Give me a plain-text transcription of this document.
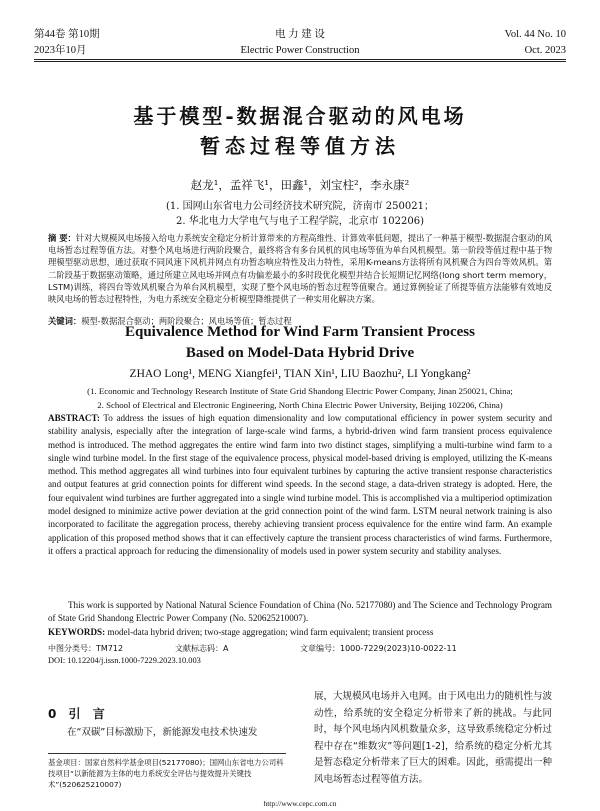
第44卷 第10期	电 力 建 设	Vol. 44 No. 10
2023年10月	Electric Power Construction	Oct. 2023
基于模型-数据混合驱动的风电场
暂态过程等值方法
赵龙¹，孟祥飞¹，田鑫¹，刘宝柱²，李永康²
(1. 国网山东省电力公司经济技术研究院，济南市 250021；
2. 华北电力大学电气与电子工程学院，北京市 102206)
摘 要：针对大规模风电场接入给电力系统安全稳定分析计算带来的方程高维性、计算效率低问题，提出了一种基于模型-数据混合驱动的风电场暂态过程等值方法。对整个风电场进行两阶段聚合，最终将含有多台风机的风电场等值为单台风机模型。第一阶段等值过程中基于物理模型驱动思想，通过获取不同风速下风机并网点有功暂态响应特性及出力特性，采用K-means方法将所有风机聚合为四台等效风机。第二阶段基于数据驱动策略，通过所建立风电场并网点有功偏差最小的多时段优化模型并结合长短期记忆网络(long short term memory，LSTM)训练，将四台等效风机聚合为单台风机模型，实现了整个风电场的暂态过程等值聚合。通过算例验证了所提等值方法能够有效地反映风电场的暂态过程特性，为电力系统安全稳定分析模型降维提供了一种实用化解决方案。
关键词：模型-数据混合驱动；两阶段聚合；风电场等值；暂态过程
Equivalence Method for Wind Farm Transient Process
Based on Model-Data Hybrid Drive
ZHAO Long¹, MENG Xiangfei¹, TIAN Xin¹, LIU Baozhu², LI Yongkang²
(1. Economic and Technology Research Institute of State Grid Shandong Electric Power Company, Jinan 250021, China;
2. School of Electrical and Electronic Engineering, North China Electric Power University, Beijing 102206, China)
ABSTRACT: To address the issues of high equation dimensionality and low computational efficiency in power system security and stability analysis, especially after the integration of large-scale wind farms, a hybrid-driven wind farm transient process equivalence method is introduced. The method aggregates the entire wind farm into two distinct stages, simplifying a multi-turbine wind farm to a single wind turbine model. In the first stage of the equivalence process, physical model-based driving is employed, utilizing the K-means method. This method aggregates all wind turbines into four equivalent turbines by capturing the active transient response characteristics and output features at grid connection points for different wind speeds. In the second stage, a data-driven strategy is adopted. Here, the four equivalent wind turbines are further aggregated into a single wind turbine model. This is accomplished via a multiperiod optimization model designed to minimize active power deviation at the grid connection point of the wind farm. LSTM neural network training is also incorporated to facilitate the aggregation process, thereby achieving transient process equivalence for the entire wind farm. An example application of this proposed method shows that it can effectively capture the transient process characteristics of wind farms. Furthermore, it offers a practical approach for reducing the dimensionality of models used in power system security and stability analyses.
This work is supported by National Natural Science Foundation of China (No. 52177080) and The Science and Technology Program of State Grid Shandong Electric Power Company (No. 520625210007).
KEYWORDS: model-data hybrid driven; two-stage aggregation; wind farm equivalent; transient process
中图分类号：TM712	文献标志码：A	文章编号：1000-7229(2023)10-0022-11
DOI: 10.12204/j.issn.1000-7229.2023.10.003
0 引 言
在“双碳”目标激励下，新能源发电技术快速发
基金项目：国家自然科学基金项目(52177080)；国网山东省电力公司科技项目“以新能源为主体的电力系统安全评估与提效提升关键技术”(520625210007)
展，大规模风电场并入电网。由于风电出力的随机性与波动性，给系统的安全稳定分析带来了新的挑战。与此同时，每个风电场内风机数量众多，这导致系统稳定分析过程中存在“维数灾”等问题[1-2]，给系统的稳定分析尤其是暂态稳定分析带来了巨大的困难。因此，亟需提出一种风电场暂态过程等值方法。
http://www.cepc.com.cn
